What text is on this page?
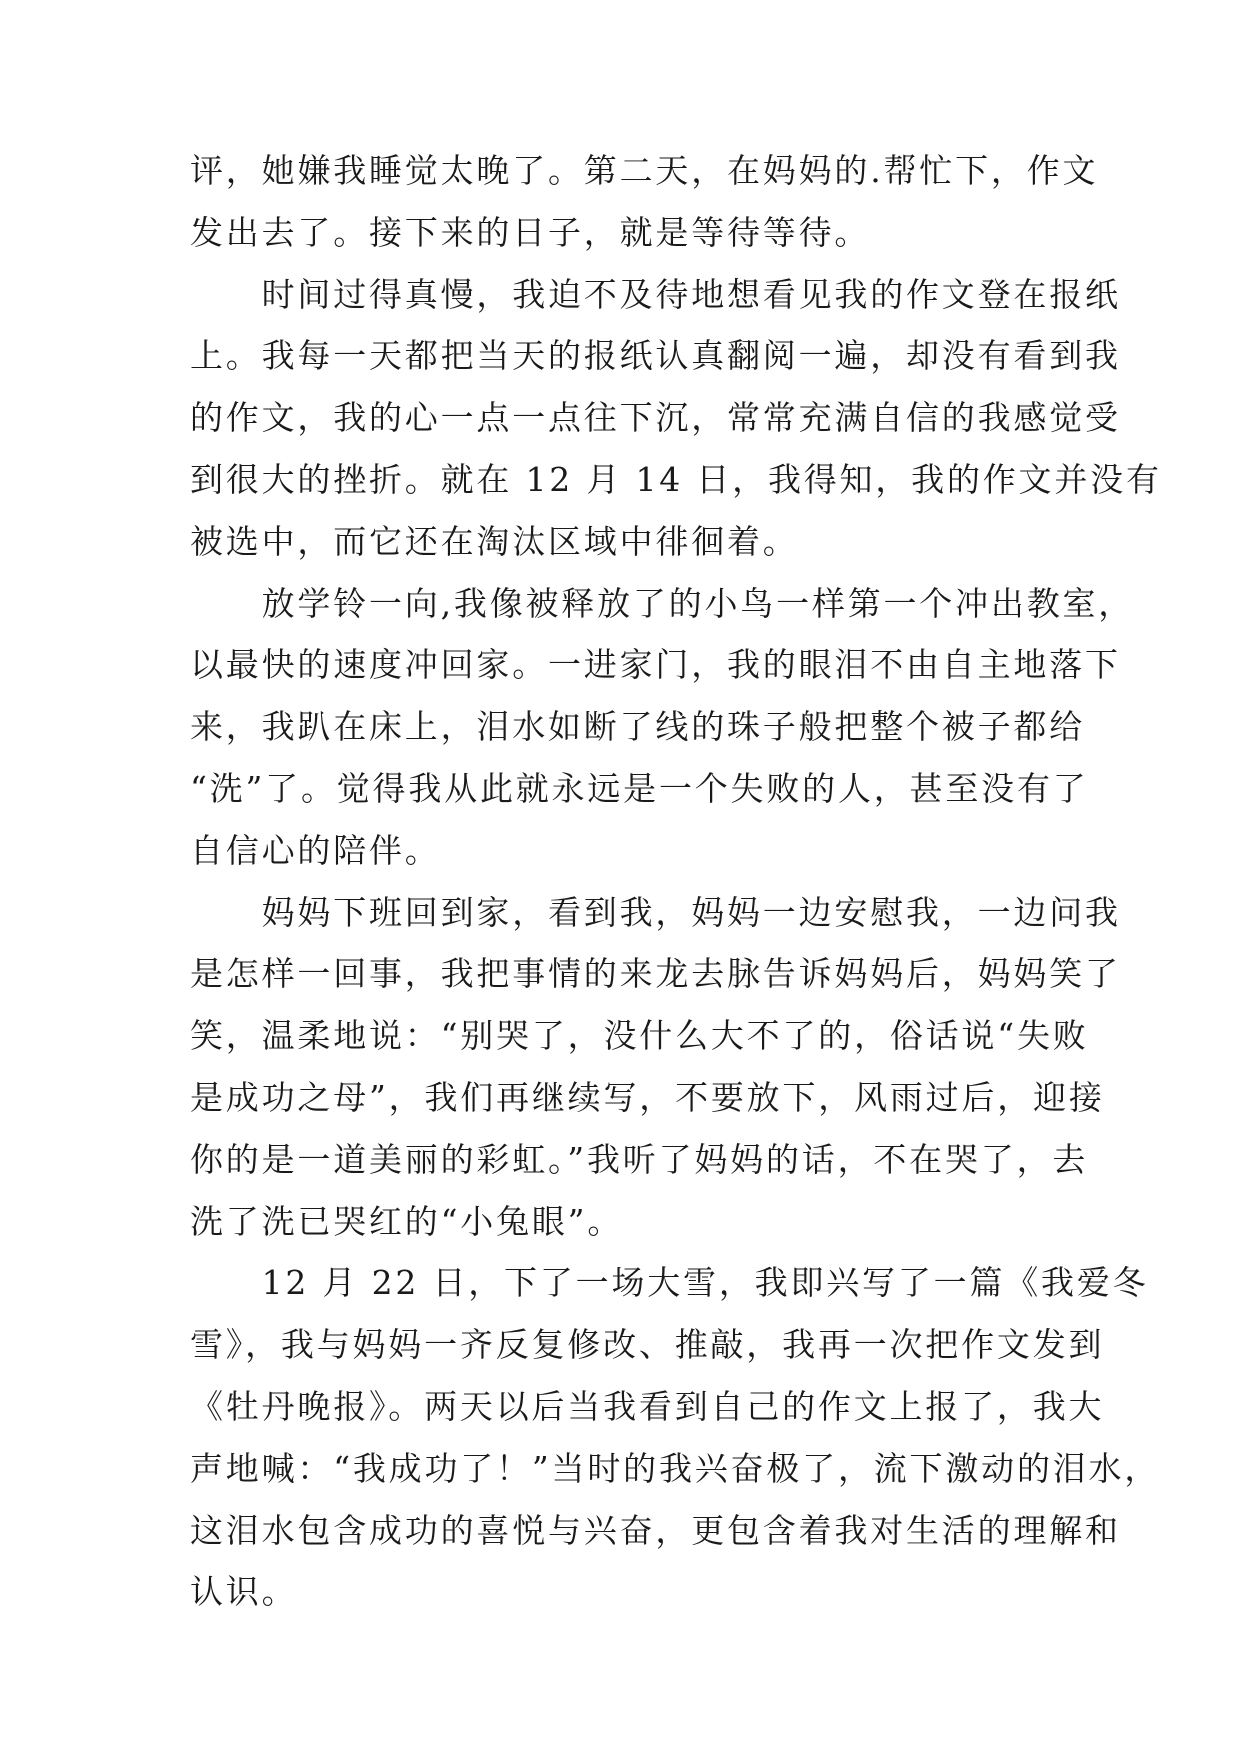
评，她嫌我睡觉太晚了。第二天，在妈妈的.帮忙下，作文
发出去了。接下来的日子，就是等待等待。
　　时间过得真慢，我迫不及待地想看见我的作文登在报纸
上。我每一天都把当天的报纸认真翻阅一遍，却没有看到我
的作文，我的心一点一点往下沉，常常充满自信的我感觉受
到很大的挫折。就在 12 月 14 日，我得知，我的作文并没有
被选中，而它还在淘汰区域中徘徊着。
　　放学铃一向,我像被释放了的小鸟一样第一个冲出教室，
以最快的速度冲回家。一进家门，我的眼泪不由自主地落下
来，我趴在床上，泪水如断了线的珠子般把整个被子都给
“洗”了。觉得我从此就永远是一个失败的人，甚至没有了
自信心的陪伴。
　　妈妈下班回到家，看到我，妈妈一边安慰我，一边问我
是怎样一回事，我把事情的来龙去脉告诉妈妈后，妈妈笑了
笑，温柔地说：“别哭了，没什么大不了的，俗话说“失败
是成功之母”，我们再继续写，不要放下，风雨过后，迎接
你的是一道美丽的彩虹。”我听了妈妈的话，不在哭了，去
洗了洗已哭红的“小兔眼”。
　　12 月 22 日，下了一场大雪，我即兴写了一篇《我爱冬
雪》，我与妈妈一齐反复修改、推敲，我再一次把作文发到
《牡丹晚报》。两天以后当我看到自己的作文上报了，我大
声地喊：“我成功了！”当时的我兴奋极了，流下激动的泪水，
这泪水包含成功的喜悦与兴奋，更包含着我对生活的理解和
认识。
